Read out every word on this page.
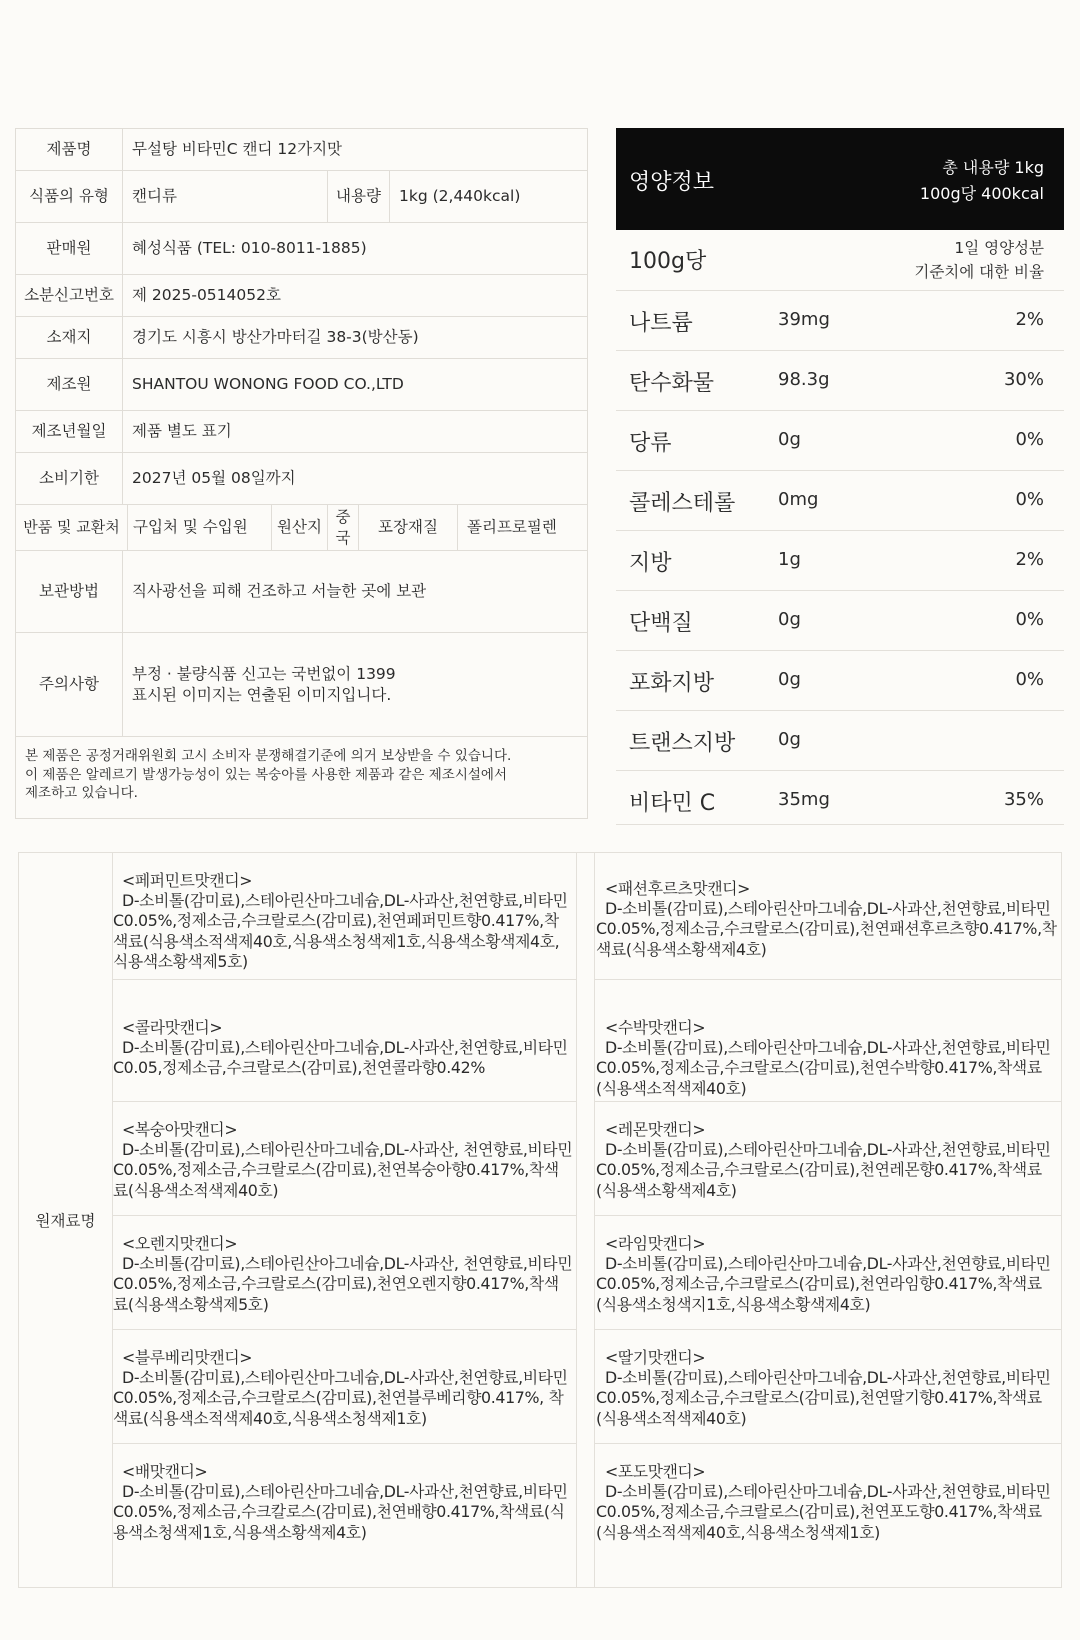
제품명	무설탕 비타민C 캔디 12가지맛						
식품의 유형	캔디류			내용량		1kg (2,440kcal)	
판매원	혜성식품 (TEL: 010-8011-1885)						
소분신고번호	제 2025-0514052호						
소재지	경기도 시흥시 방산가마터길 38-3(방산동)						
제조원	SHANTOU WONONG FOOD CO.,LTD						
제조년월일	제품 별도 표기						
소비기한	2027년 05월 08일까지						
반품 및 교환처		구입처 및 수입원	원산지	중국	포장재질		폴리프로필렌
보관방법	직사광선을 피해 건조하고 서늘한 곳에 보관						
주의사항	부정 · 불량식품 신고는 국번없이 1399
표시된 이미지는 연출된 이미지입니다.						

본 제품은 공정거래위원회 고시 소비자 분쟁해결기준에 의거 보상받을 수 있습니다.
이 제품은 알레르기 발생가능성이 있는 복숭아를 사용한 제품과 같은 제조시설에서
제조하고 있습니다.							
영양정보
총 내용량 1kg
100g당 400kcal
100g당
1일 영양성분
기준치에 대한 비율
나트륨	39mg	2%
탄수화물	98.3g	30%
당류	0g	0%
콜레스테롤 0mg	0%
지방	1g	2%
단백질	0g	0%
포화지방	0g	0%
트랜스지방 0g
비타민 C	35mg	35%
원재료명
<페퍼민트맛캔디>
D-소비톨(감미료),스테아린산마그네슘,DL-사과산,천연향료,비타민C0.05%,정제소금,수크랄로스(감미료),천연페퍼민트향0.417%,착색료(식용색소적색제40호,식용색소청색제1호,식용색소황색제4호,식용색소황색제5호)
<콜라맛캔디>
D-소비톨(감미료),스테아린산마그네슘,DL-사과산,천연향료,비타민C0.05,정제소금,수크랄로스(감미료),천연콜라향0.42%
<복숭아맛캔디>
D-소비톨(감미료),스테아린산마그네슘,DL-사과산, 천연향료,비타민C0.05%,정제소금,수크랄로스(감미료),천연복숭아향0.417%,착색료(식용색소적색제40호)
<오렌지맛캔디>
D-소비톨(감미료),스테아린산아그네슘,DL-사과산, 천연향료,비타민C0.05%,정제소금,수크랄로스(감미료),천연오렌지향0.417%,착색료(식용색소황색제5호)
<블루베리맛캔디>
D-소비톨(감미료),스테아린산마그네슘,DL-사과산,천연향료,비타민C0.05%,정제소금,수크랄로스(감미료),천연블루베리향0.417%, 착색료(식용색소적색제40호,식용색소청색제1호)
<배맛캔디>
D-소비톨(감미료),스테아린산마그네슘,DL-사과산,천연향료,비타민C0.05%,정제소금,수크칼로스(감미료),천연배향0.417%,착색료(식용색소청색제1호,식용색소황색제4호)
<패션후르츠맛캔디>
D-소비톨(감미료),스테아린산마그네슘,DL-사과산,천연향료,비타민C0.05%,정제소금,수크랄로스(감미료),천연패션후르츠향0.417%,착색료(식용색소황색제4호)
<수박맛캔디>
D-소비톨(감미료),스테아린산마그네슘,DL-사과산,천연향료,비타민C0.05%,정제소금,수크랄로스(감미료),천연수박향0.417%,착색료(식용색소적색제40호)
<레몬맛캔디>
D-소비톨(감미료),스테아린산마그네슘,DL-사과산,천연향료,비타민C0.05%,정제소금,수크랄로스(감미료),천연레몬향0.417%,착색료(식용색소황색제4호)
<라임맛캔디>
D-소비톨(감미료),스테아린산마그네슘,DL-사과산,천연향료,비타민C0.05%,정제소금,수크랄로스(감미료),천연라임향0.417%,착색료(식용색소청색지1호,식용색소황색제4호)
<딸기맛캔디>
D-소비톨(감미료),스테아린산마그네슘,DL-사과산,천연향료,비타민C0.05%,정제소금,수크랄로스(감미료),천연딸기향0.417%,착색료(식용색소적색제40호)
<포도맛캔디>
D-소비톨(감미료),스테아린산마그네슘,DL-사과산,천연향료,비타민C0.05%,정제소금,수크랄로스(감미료),천연포도향0.417%,착색료(식용색소적색제40호,식용색소청색제1호)
